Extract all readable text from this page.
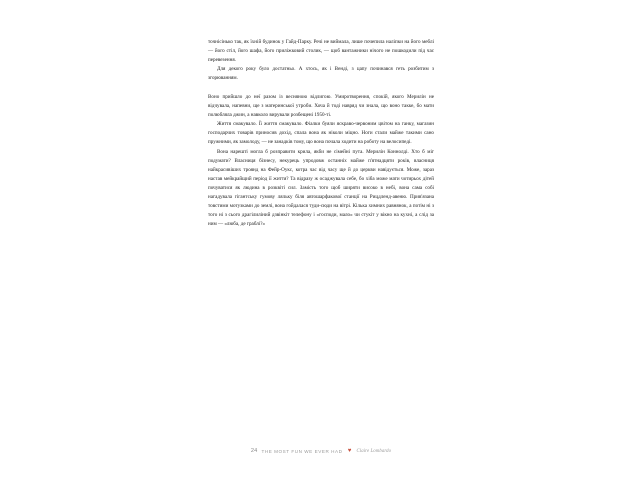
точнісінько так, як їхній будинок у Гайд-Парку. Речі не виймала, лише почепила наліпки на його меблі — його стіл, його шафа, його приліжковий столик, — щоб вантажники нічого не пошкодили під час перевезення.

Для декого року було достатньо. А хтось, як і Венді, з цапу починався геть розбитим з згорюванням.

Воно прийшло до неї разом із весняною відлигою. Умиротворення, спокій, якого Мерилін не відчувала, напевни, ще з материнської утроби. Хоча й тоді навряд чи знала, що воно такке, бо мати полюбляла джин, а навколо вирували розбещені 1950-ті.

Життя смакувало. Її життя смакувало. Фіалки буяли яскраво-червоним цвітом на ганку, магазин господарчих товарів приносив дохід, спала вона як ніколи міцно. Ноги стали майже такими сано пружними, як замолоду, — не занадків тому, що вона почала ходити на роботу на велосипеді.

Вона нарешті могла б розправити крила, якби не сімейні пута. Мерилін Коннолді. Хто б міг подумати? Власниця бізнесу, некурець упродовж останніх майже п'ятнадцяти років, власниця найкрасивіших троянд на Фейр-Оукс, котра час від часу ще й до церкви навідується. Може, зараз настав мейкрайщий період її життя? Та відразу ж осаджувала себе, бо хіба може мати чотирьох дітей почуватися як людина в розквіті сил. Замість того щоб ширяти високо в небі, вона сама собі нагадувала гігантську гумову ляльку біля автошарфакової станції на Рицдленд-авеню. Прив'язана товстими мотузками до землі, вона гойдалася туди-сюди на вітрі. Кілька химних равнянок, а потім ні з того ні з сього драгілиліний дзвінкіт телефону і «господи, мало» чи стукіт у вікно на кухні, а слід за ним — «люба, де граблі?»

24 THE MOST FUN WE EVER HAD ♥ Claire Lombardo
